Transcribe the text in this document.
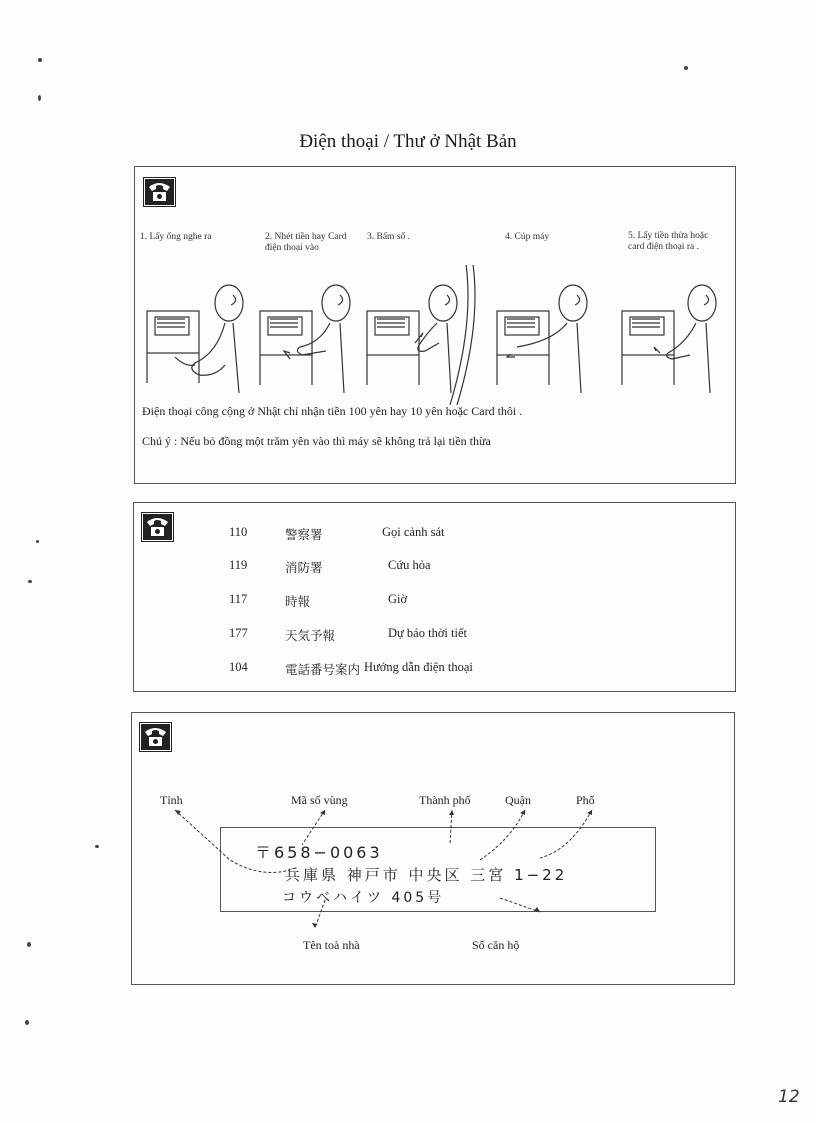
Điện thoại / Thư ở Nhật Bản
1. Lấy ống nghe ra	2. Nhét tiền hay Card điện thoại vào
3. Bấm số .	4. Cúp máy	5. Lấy tiền thừa hoặc card điện thoại ra .
Điện thoại công cộng ở Nhật chỉ nhận tiền 100 yên hay 10 yên hoặc Card thôi .
Chú ý : Nếu bỏ đồng một trăm yên vào thì máy sẽ không trả lại tiền thừa
110	警察署	Gọi cảnh sát
119	消防署	Cứu hỏa
117	時報	Giờ
177	天気予報	Dự báo thời tiết
104	電話番号案内 Hướng dẫn điện thoại
Tỉnh	Mã số vùng	Thành phố	Quận	Phố
〒658−0063
兵庫県 神戸市 中央区 三宮 1−22
コウベハイツ 405号
Tên toà nhà	Số căn hộ
12
